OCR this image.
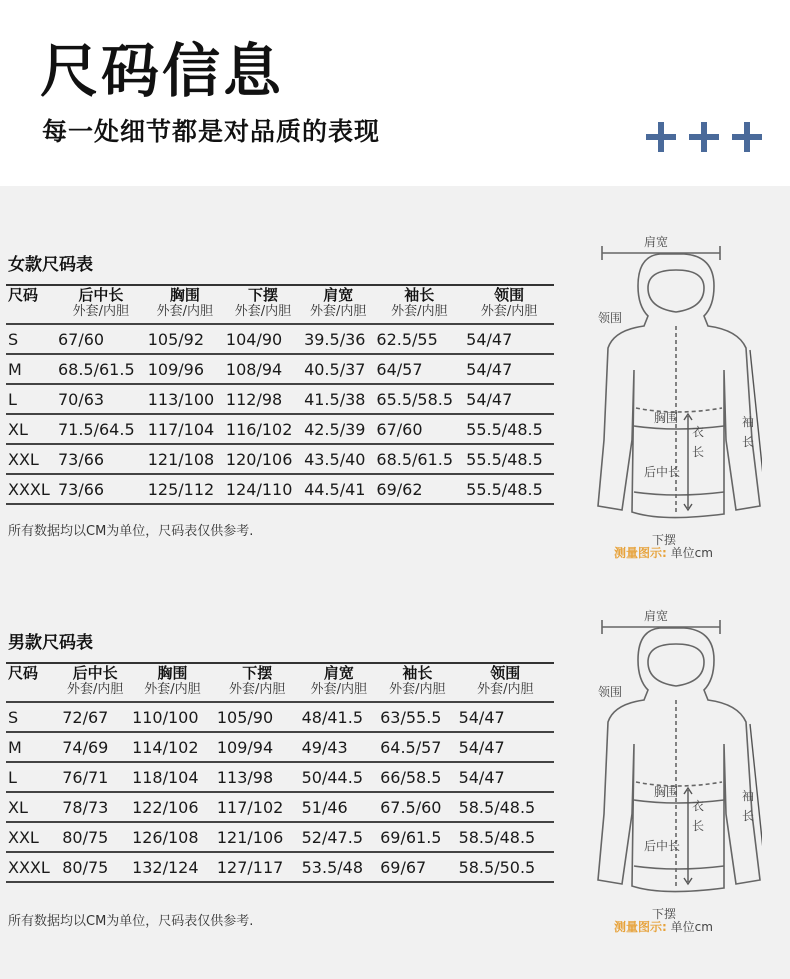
尺码信息
每一处细节都是对品质的表现
女款尺码表
尺码	后中长	胸围	下摆	肩宽	袖长	领围
	外套/内胆	外套/内胆	外套/内胆	外套/内胆	外套/内胆	外套/内胆
S	67/60	105/92	104/90	39.5/36	62.5/55	54/47
M	68.5/61.5	109/96	108/94	40.5/37	64/57	54/47
L	70/63	113/100	112/98	41.5/38	65.5/58.5	54/47
XL	71.5/64.5	117/104	116/102	42.5/39	67/60	55.5/48.5
XXL	73/66	121/108	120/106	43.5/40	68.5/61.5	55.5/48.5
XXXL	73/66	125/112	124/110	44.5/41	69/62	55.5/48.5
所有数据均以CM为单位，尺码表仅供参考.
肩宽
领围
胸围
衣
长
后中长
袖
长
下摆
测量图示: 单位cm
男款尺码表
尺码	后中长	胸围	下摆	肩宽	袖长	领围
	外套/内胆	外套/内胆	外套/内胆	外套/内胆	外套/内胆	外套/内胆
S	72/67	110/100	105/90	48/41.5	63/55.5	54/47
M	74/69	114/102	109/94	49/43	64.5/57	54/47
L	76/71	118/104	113/98	50/44.5	66/58.5	54/47
XL	78/73	122/106	117/102	51/46	67.5/60	58.5/48.5
XXL	80/75	126/108	121/106	52/47.5	69/61.5	58.5/48.5
XXXL	80/75	132/124	127/117	53.5/48	69/67	58.5/50.5
所有数据均以CM为单位，尺码表仅供参考.
肩宽
领围
胸围
衣
长
后中长
袖
长
下摆
测量图示: 单位cm
